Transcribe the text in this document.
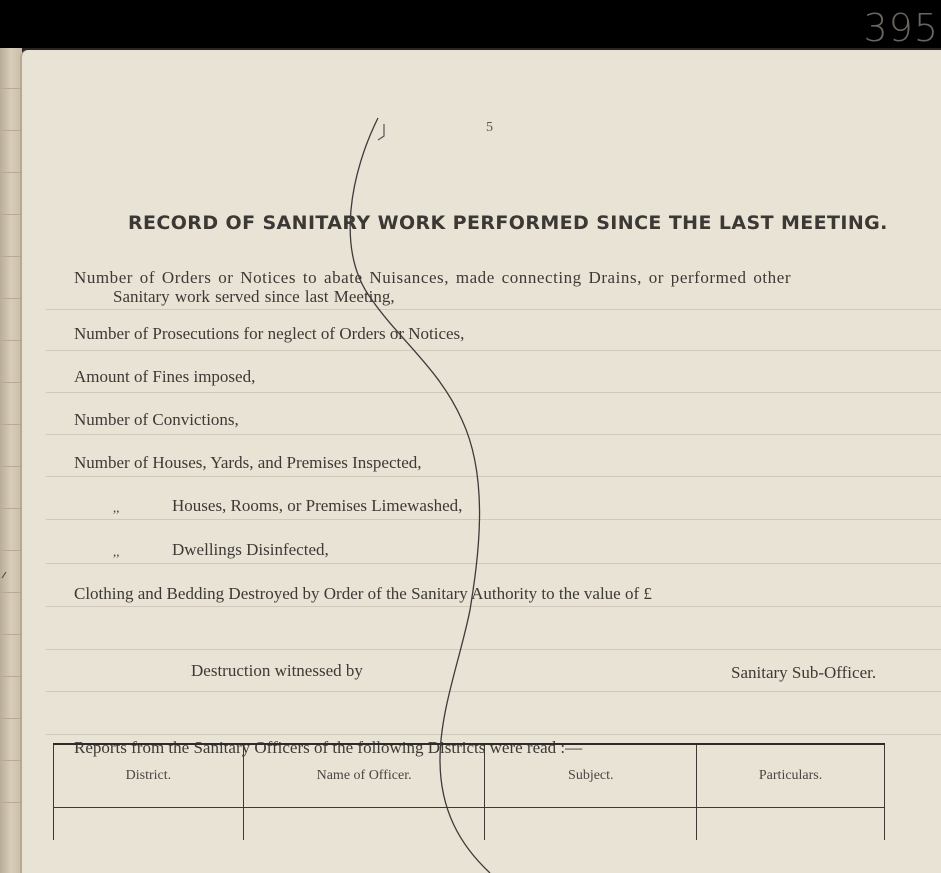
395
5
RECORD OF SANITARY WORK PERFORMED SINCE THE LAST MEETING.
Number of Orders or Notices to abate Nuisances, made connecting Drains, or performed other
Sanitary work served since last Meeting,
Number of Prosecutions for neglect of Orders or Notices,
Amount of Fines imposed,
Number of Convictions,
Number of Houses, Yards, and Premises Inspected,
,,	Houses, Rooms, or Premises Limewashed,
,,	Dwellings Disinfected,
Clothing and Bedding Destroyed by Order of the Sanitary Authority to the value of £
Destruction witnessed by	Sanitary Sub-Officer.
Reports from the Sanitary Officers of the following Districts were read :—
District.	Name of Officer.	Subject.	Particulars.
